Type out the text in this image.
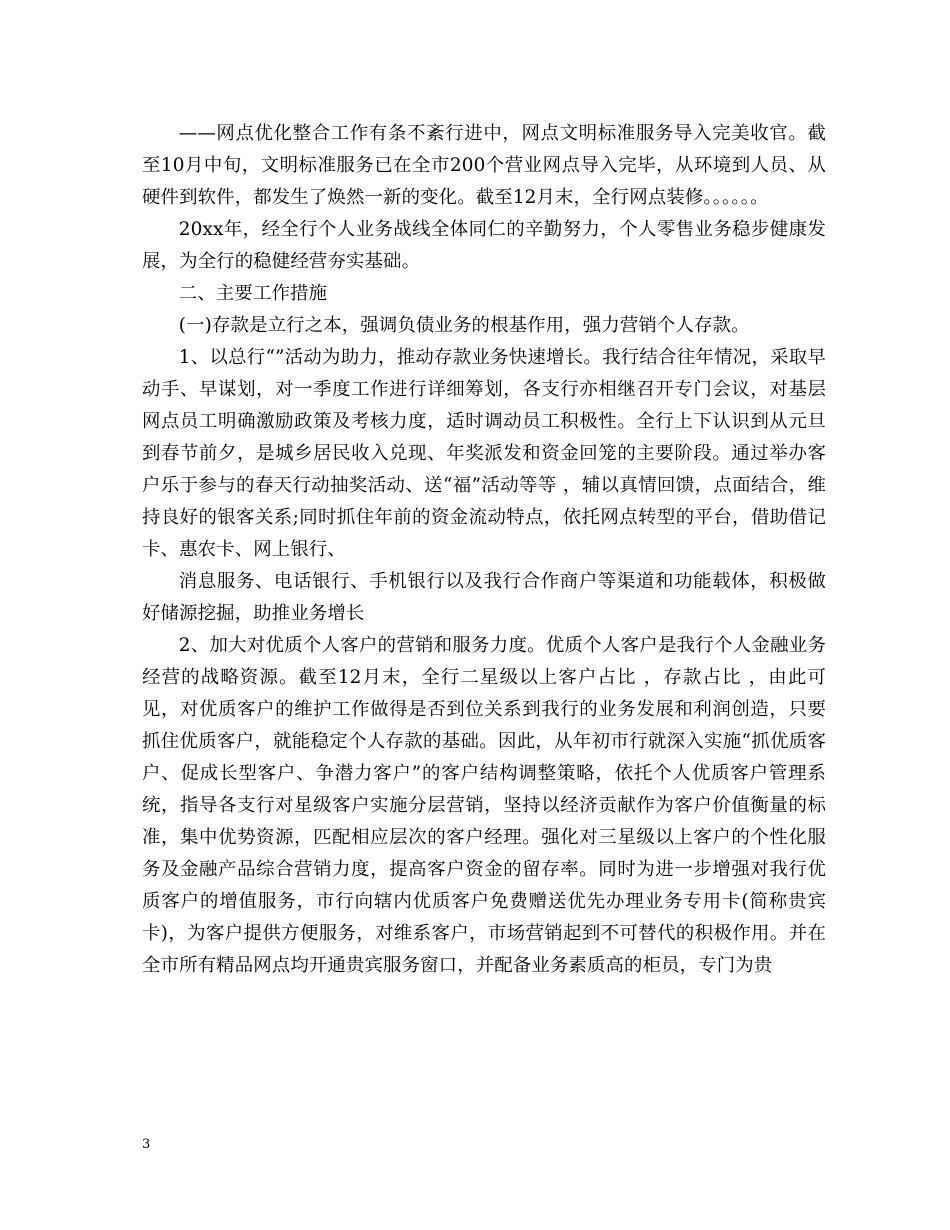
——网点优化整合工作有条不紊行进中，网点文明标准服务导入完美收官。截至10月中旬，文明标准服务已在全市200个营业网点导入完毕，从环境到人员、从硬件到软件，都发生了焕然一新的变化。截至12月末，全行网点装修。。。。。。

20xx年，经全行个人业务战线全体同仁的辛勤努力，个人零售业务稳步健康发展，为全行的稳健经营夯实基础。

二、主要工作措施

(一)存款是立行之本，强调负债业务的根基作用，强力营销个人存款。

1、以总行“”活动为助力，推动存款业务快速增长。我行结合往年情况，采取早动手、早谋划，对一季度工作进行详细筹划，各支行亦相继召开专门会议，对基层网点员工明确激励政策及考核力度，适时调动员工积极性。全行上下认识到从元旦到春节前夕，是城乡居民收入兑现、年奖派发和资金回笼的主要阶段。通过举办客户乐于参与的春天行动抽奖活动、送“福”活动等等 ，辅以真情回馈，点面结合，维持良好的银客关系;同时抓住年前的资金流动特点，依托网点转型的平台，借助借记卡、惠农卡、网上银行、

消息服务、电话银行、手机银行以及我行合作商户等渠道和功能载体，积极做好储源挖掘，助推业务增长

2、加大对优质个人客户的营销和服务力度。优质个人客户是我行个人金融业务经营的战略资源。截至12月末，全行二星级以上客户占比 ，存款占比 ，由此可见，对优质客户的维护工作做得是否到位关系到我行的业务发展和利润创造，只要抓住优质客户，就能稳定个人存款的基础。因此，从年初市行就深入实施“抓优质客户、促成长型客户、争潜力客户”的客户结构调整策略，依托个人优质客户管理系统，指导各支行对星级客户实施分层营销，坚持以经济贡献作为客户价值衡量的标准，集中优势资源，匹配相应层次的客户经理。强化对三星级以上客户的个性化服务及金融产品综合营销力度，提高客户资金的留存率。同时为进一步增强对我行优质客户的增值服务，市行向辖内优质客户免费赠送优先办理业务专用卡(简称贵宾卡)，为客户提供方便服务，对维系客户，市场营销起到不可替代的积极作用。并在全市所有精品网点均开通贵宾服务窗口，并配备业务素质高的柜员，专门为贵

3
